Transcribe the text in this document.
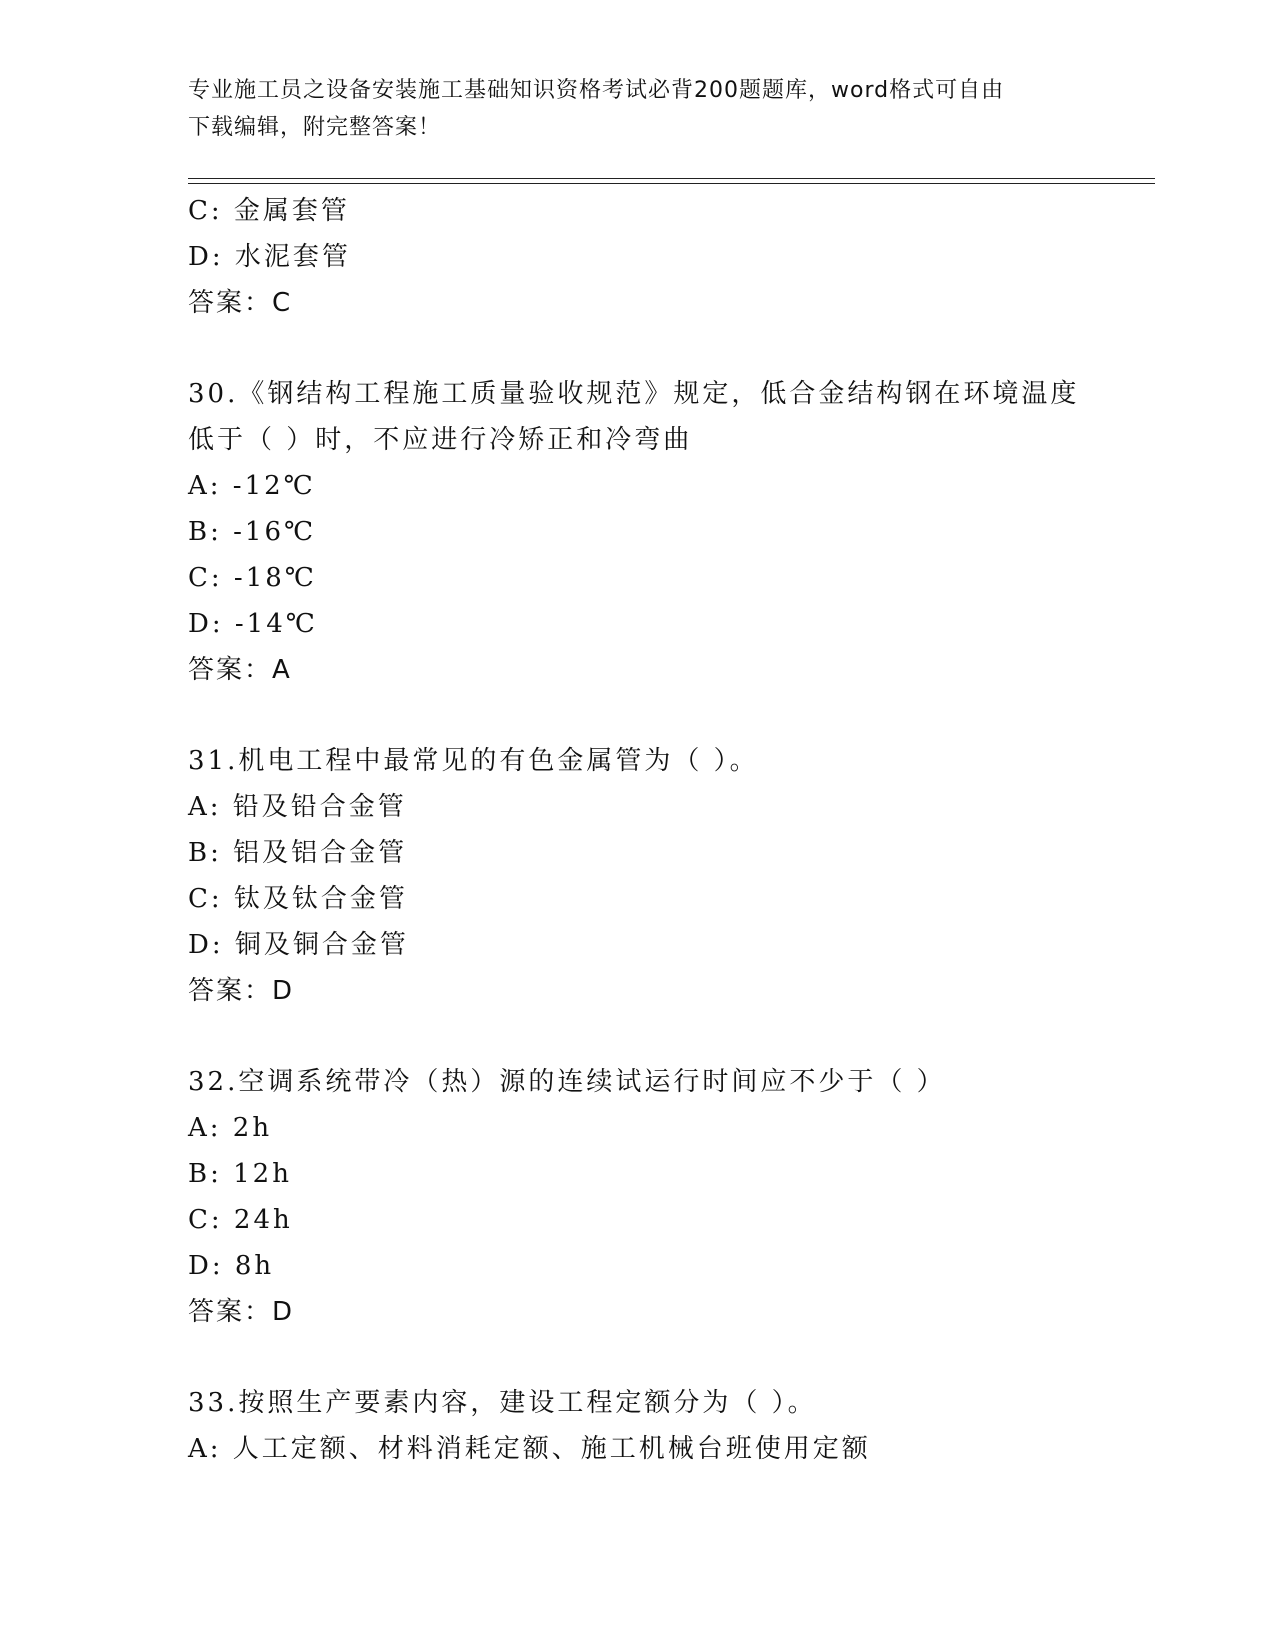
专业施工员之设备安装施工基础知识资格考试必背200题题库，word格式可自由
下载编辑，附完整答案！
C: 金属套管
D: 水泥套管
答案：C
30.《钢结构工程施工质量验收规范》规定，低合金结构钢在环境温度
低于（ ）时，不应进行冷矫正和冷弯曲
A: -12℃
B: -16℃
C: -18℃
D: -14℃
答案：A
31.机电工程中最常见的有色金属管为（ ）。
A: 铅及铅合金管
B: 铝及铝合金管
C: 钛及钛合金管
D: 铜及铜合金管
答案：D
32.空调系统带冷（热）源的连续试运行时间应不少于（ ）
A: 2h
B: 12h
C: 24h
D: 8h
答案：D
33.按照生产要素内容，建设工程定额分为（ ）。
A: 人工定额、材料消耗定额、施工机械台班使用定额
